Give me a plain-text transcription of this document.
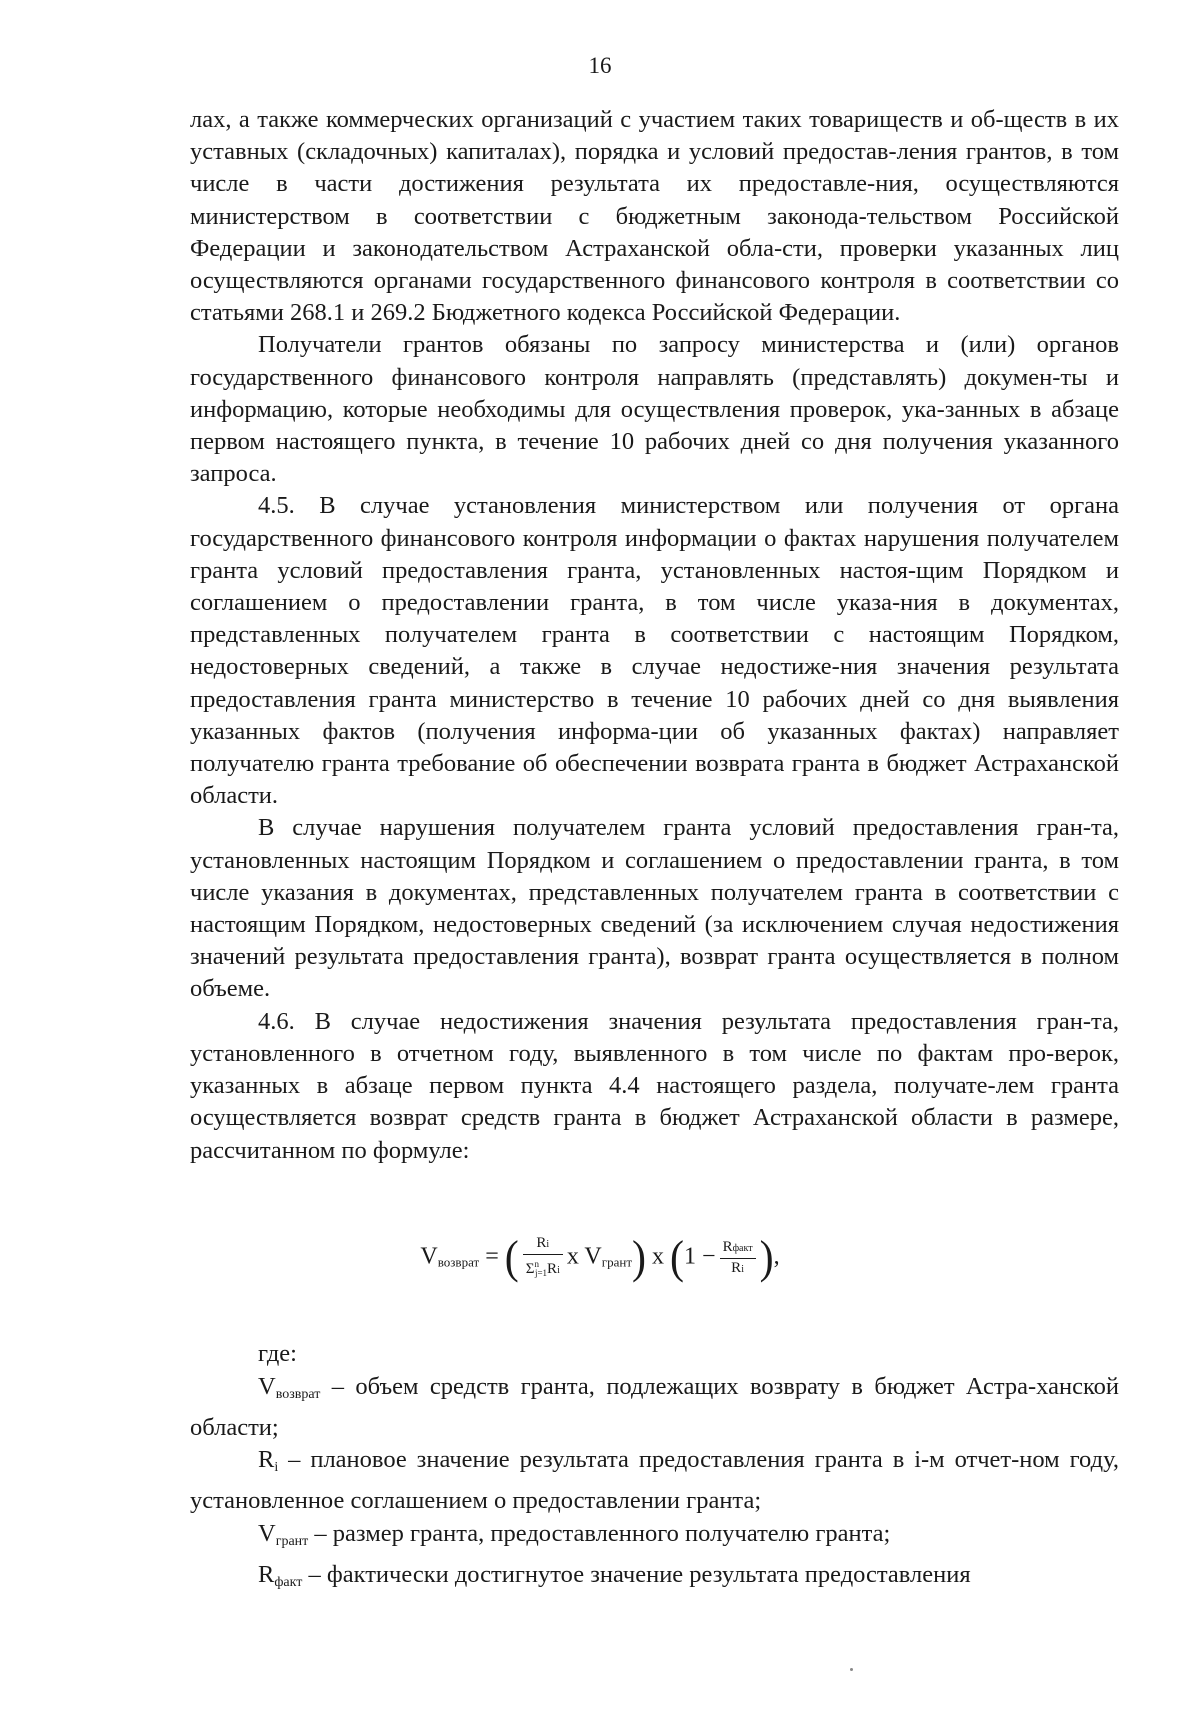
16

лах, а также коммерческих организаций с участием таких товариществ и об-ществ в их уставных (складочных) капиталах), порядка и условий предостав-ления грантов, в том числе в части достижения результата их предоставле-ния, осуществляются министерством в соответствии с бюджетным законода-тельством Российской Федерации и законодательством Астраханской обла-сти, проверки указанных лиц осуществляются органами государственного финансового контроля в соответствии со статьями 268.1 и 269.2 Бюджетного кодекса Российской Федерации.

Получатели грантов обязаны по запросу министерства и (или) органов государственного финансового контроля направлять (представлять) докумен-ты и информацию, которые необходимы для осуществления проверок, ука-занных в абзаце первом настоящего пункта, в течение 10 рабочих дней со дня получения указанного запроса.

4.5. В случае установления министерством или получения от органа государственного финансового контроля информации о фактах нарушения получателем гранта условий предоставления гранта, установленных настоя-щим Порядком и соглашением о предоставлении гранта, в том числе указа-ния в документах, представленных получателем гранта в соответствии с настоящим Порядком, недостоверных сведений, а также в случае недостиже-ния значения результата предоставления гранта министерство в течение 10 рабочих дней со дня выявления указанных фактов (получения информа-ции об указанных фактах) направляет получателю гранта требование об обеспечении возврата гранта в бюджет Астраханской области.

В случае нарушения получателем гранта условий предоставления гран-та, установленных настоящим Порядком и соглашением о предоставлении гранта, в том числе указания в документах, представленных получателем гранта в соответствии с настоящим Порядком, недостоверных сведений (за исключением случая недостижения значений результата предоставления гранта), возврат гранта осуществляется в полном объеме.

4.6. В случае недостижения значения результата предоставления гран-та, установленного в отчетном году, выявленного в том числе по фактам про-верок, указанных в абзаце первом пункта 4.4 настоящего раздела, получате-лем гранта осуществляется возврат средств гранта в бюджет Астраханской области в размере, рассчитанном по формуле:

$V_{возврат}$ = ( $\frac{Ri}{\Sigma^n_{j=1}Ri}$ x $V_{грант}$) x ($1 - \frac{\text{Rфакт}}{Ri}$ ),

где:

Vвозврат – объем средств гранта, подлежащих возврату в бюджет Астра-ханской области;

Ri – плановое значение результата предоставления гранта в i-м отчет-ном году, установленное соглашением о предоставлении гранта;

Vгрант – размер гранта, предоставленного получателю гранта;

Rфакт – фактически достигнутое значение результата предоставления
